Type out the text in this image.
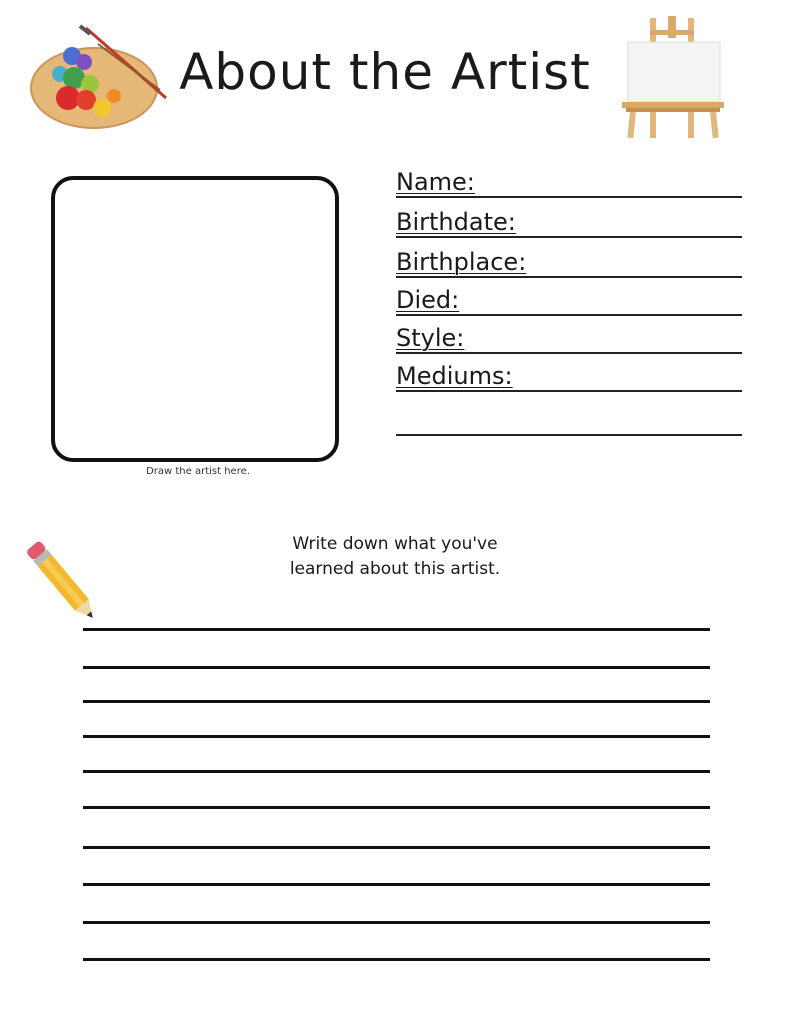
About the Artist
Draw the artist here.
Name:
Birthdate:
Birthplace:
Died:
Style:
Mediums:
Write down what you've
learned about this artist.
